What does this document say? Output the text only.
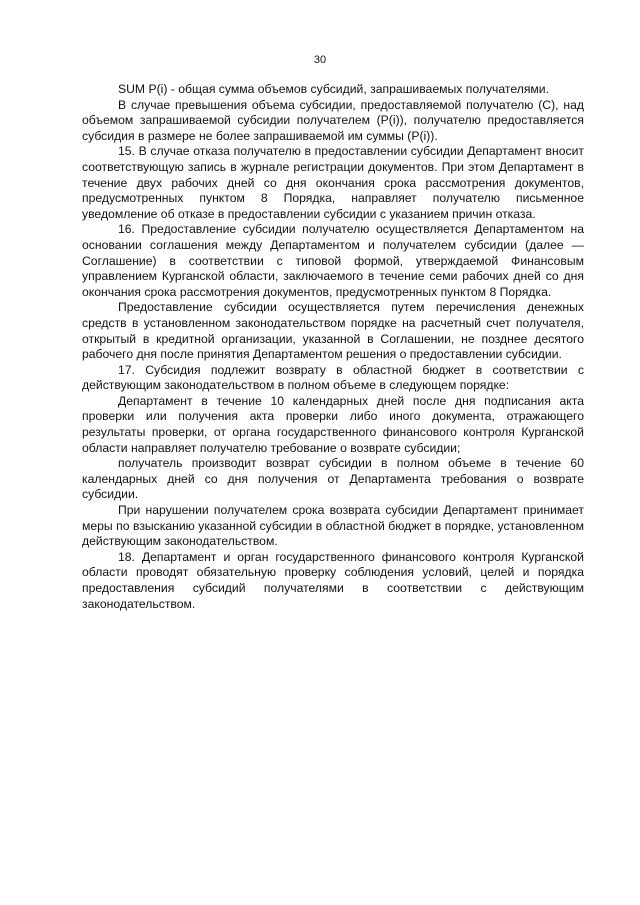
30

SUM P(i) - общая сумма объемов субсидий, запрашиваемых получателями.

В случае превышения объема субсидии, предоставляемой получателю (С), над объемом запрашиваемой субсидии получателем (P(i)), получателю предоставляется субсидия в размере не более запрашиваемой им суммы (P(i)).

15. В случае отказа получателю в предоставлении субсидии Департамент вносит соответствующую запись в журнале регистрации документов. При этом Департамент в течение двух рабочих дней со дня окончания срока рассмотрения документов, предусмотренных пунктом 8 Порядка, направляет получателю письменное уведомление об отказе в предоставлении субсидии с указанием причин отказа.

16. Предоставление субсидии получателю осуществляется Департаментом на основании соглашения между Департаментом и получателем субсидии (далее — Соглашение) в соответствии с типовой формой, утверждаемой Финансовым управлением Курганской области, заключаемого в течение семи рабочих дней со дня окончания срока рассмотрения документов, предусмотренных пунктом 8 Порядка.

Предоставление субсидии осуществляется путем перечисления денежных средств в установленном законодательством порядке на расчетный счет получателя, открытый в кредитной организации, указанной в Соглашении, не позднее десятого рабочего дня после принятия Департаментом решения о предоставлении субсидии.

17. Субсидия подлежит возврату в областной бюджет в соответствии с действующим законодательством в полном объеме в следующем порядке:

Департамент в течение 10 календарных дней после дня подписания акта проверки или получения акта проверки либо иного документа, отражающего результаты проверки, от органа государственного финансового контроля Курганской области направляет получателю требование о возврате субсидии;

получатель производит возврат субсидии в полном объеме в течение 60 календарных дней со дня получения от Департамента требования о возврате субсидии.

При нарушении получателем срока возврата субсидии Департамент принимает меры по взысканию указанной субсидии в областной бюджет в порядке, установленном действующим законодательством.

18. Департамент и орган государственного финансового контроля Курганской области проводят обязательную проверку соблюдения условий, целей и порядка предоставления субсидий получателями в соответствии с действующим законодательством.
